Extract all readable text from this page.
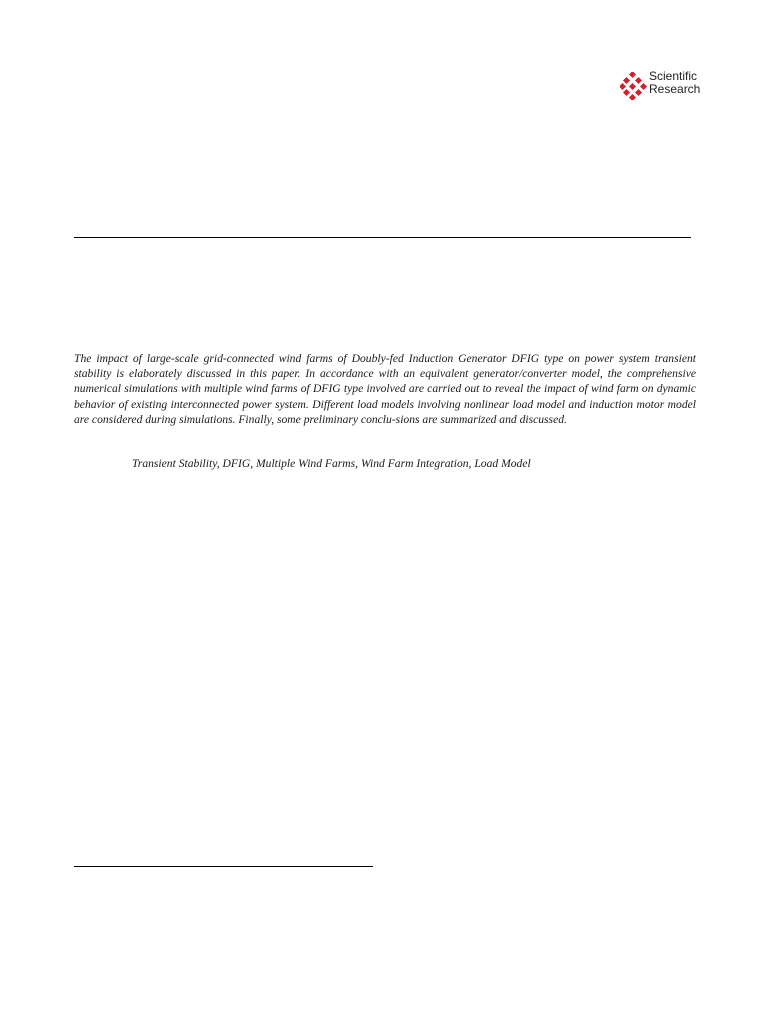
Scientific
Research

The impact of large-scale grid-connected wind farms of Doubly-fed Induction Generator DFIG type on power system transient stability is elaborately discussed in this paper. In accordance with an equivalent generator/converter model, the comprehensive numerical simulations with multiple wind farms of DFIG type involved are carried out to reveal the impact of wind farm on dynamic behavior of existing interconnected power system. Different load models involving nonlinear load model and induction motor model are considered during simulations. Finally, some preliminary conclu-sions are summarized and discussed.

Transient Stability, DFIG, Multiple Wind Farms, Wind Farm Integration, Load Model
